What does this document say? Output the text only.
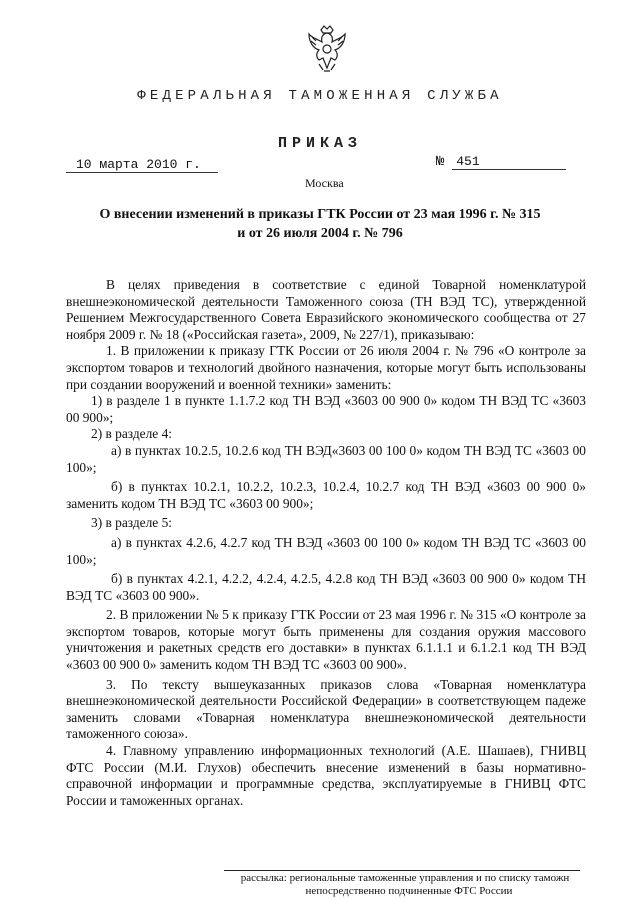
ФЕДЕРАЛЬНАЯ ТАМОЖЕННАЯ СЛУЖБА
ПРИКАЗ
10 марта 2010 г.	№ 451
Москва
О внесении изменений в приказы ГТК России от 23 мая 1996 г. № 315
и от 26 июля 2004 г. № 796

В целях приведения в соответствие с единой Товарной номенклатурой внешнеэкономической деятельности Таможенного союза (ТН ВЭД ТС), утвержденной Решением Межгосударственного Совета Евразийского экономического сообщества от 27 ноября 2009 г. № 18 («Российская газета», 2009, № 227/1), приказываю:

1. В приложении к приказу ГТК России от 26 июля 2004 г. № 796 «О контроле за экспортом товаров и технологий двойного назначения, которые могут быть использованы при создании вооружений и военной техники» заменить:

1) в разделе 1 в пункте 1.1.7.2 код ТН ВЭД «3603 00 900 0» кодом ТН ВЭД ТС «3603 00 900»;

2) в разделе 4:

а) в пунктах 10.2.5, 10.2.6 код ТН ВЭД«3603 00 100 0» кодом ТН ВЭД ТС «3603 00 100»;

б) в пунктах 10.2.1, 10.2.2, 10.2.3, 10.2.4, 10.2.7 код ТН ВЭД «3603 00 900 0» заменить кодом ТН ВЭД ТС «3603 00 900»;

3) в разделе 5:

а) в пунктах 4.2.6, 4.2.7 код ТН ВЭД «3603 00 100 0» кодом ТН ВЭД ТС «3603 00 100»;

б) в пунктах 4.2.1, 4.2.2, 4.2.4, 4.2.5, 4.2.8 код ТН ВЭД «3603 00 900 0» кодом ТН ВЭД ТС «3603 00 900».

2. В приложении № 5 к приказу ГТК России от 23 мая 1996 г. № 315 «О контроле за экспортом товаров, которые могут быть применены для создания оружия массового уничтожения и ракетных средств его доставки» в пунктах 6.1.1.1 и 6.1.2.1 код ТН ВЭД «3603 00 900 0» заменить кодом ТН ВЭД ТС «3603 00 900».

3. По тексту вышеуказанных приказов слова «Товарная номенклатура внешнеэкономической деятельности Российской Федерации» в соответствующем падеже заменить словами «Товарная номенклатура внешнеэкономической деятельности таможенного союза».

4. Главному управлению информационных технологий (А.Е. Шашаев), ГНИВЦ ФТС России (М.И. Глухов) обеспечить внесение изменений в базы нормативно-справочной информации и программные средства, эксплуатируемые в ГНИВЦ ФТС России и таможенных органах.

рассылка: региональные таможенные управления и по списку таможн
непосредственно подчиненные ФТС России
